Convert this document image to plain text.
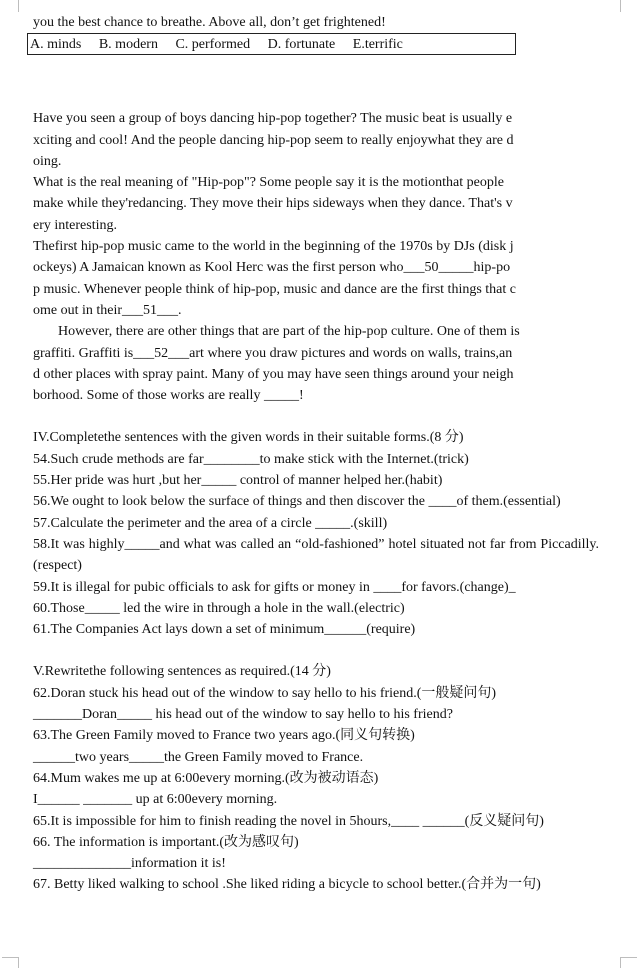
you the best chance to breathe. Above all, don’t get frightened!
A. minds B. modern C. performed D. fortunate E.terrific
Have you seen a group of boys dancing hip-pop together? The music beat is usually e
xciting and cool! And the people dancing hip-pop seem to really enjoywhat they are d
oing.
What is the real meaning of "Hip-pop"? Some people say it is the motionthat people
make while they'redancing. They move their hips sideways when they dance. That's v
ery interesting.
Thefirst hip-pop music came to the world in the beginning of the 1970s by DJs (disk j
ockeys) A Jamaican known as Kool Herc was the first person who___50_____hip-po
p music. Whenever people think of hip-pop, music and dance are the first things that c
ome out in their___51___.
However, there are other things that are part of the hip-pop culture. One of them is
graffiti. Graffiti is___52___art where you draw pictures and words on walls, trains,an
d other places with spray paint. Many of you may have seen things around your neigh
borhood. Some of those works are really _____!
IV.Completethe sentences with the given words in their suitable forms.(8 分)
54.Such crude methods are far________to make stick with the Internet.(trick)
55.Her pride was hurt ,but her_____ control of manner helped her.(habit)
56.We ought to look below the surface of things and then discover the ____of them.(essential)
57.Calculate the perimeter and the area of a circle _____.(skill)
58.It was highly_____and what was called an “old-fashioned” hotel situated not far from Piccadilly.(respect)
59.It is illegal for pubic officials to ask for gifts or money in ____for favors.(change)_
60.Those_____ led the wire in through a hole in the wall.(electric)
61.The Companies Act lays down a set of minimum______(require)
V.Rewritethe following sentences as required.(14 分)
62.Doran stuck his head out of the window to say hello to his friend.(一般疑问句)
_______Doran_____ his head out of the window to say hello to his friend?
63.The Green Family moved to France two years ago.(同义句转换)
______two years_____the Green Family moved to France.
64.Mum wakes me up at 6:00every morning.(改为被动语态)
I______ _______ up at 6:00every morning.
65.It is impossible for him to finish reading the novel in 5hours,____ ______(反义疑问句)
66. The information is important.(改为感叹句)
______________information it is!
67. Betty liked walking to school .She liked riding a bicycle to school better.(合并为一句)
